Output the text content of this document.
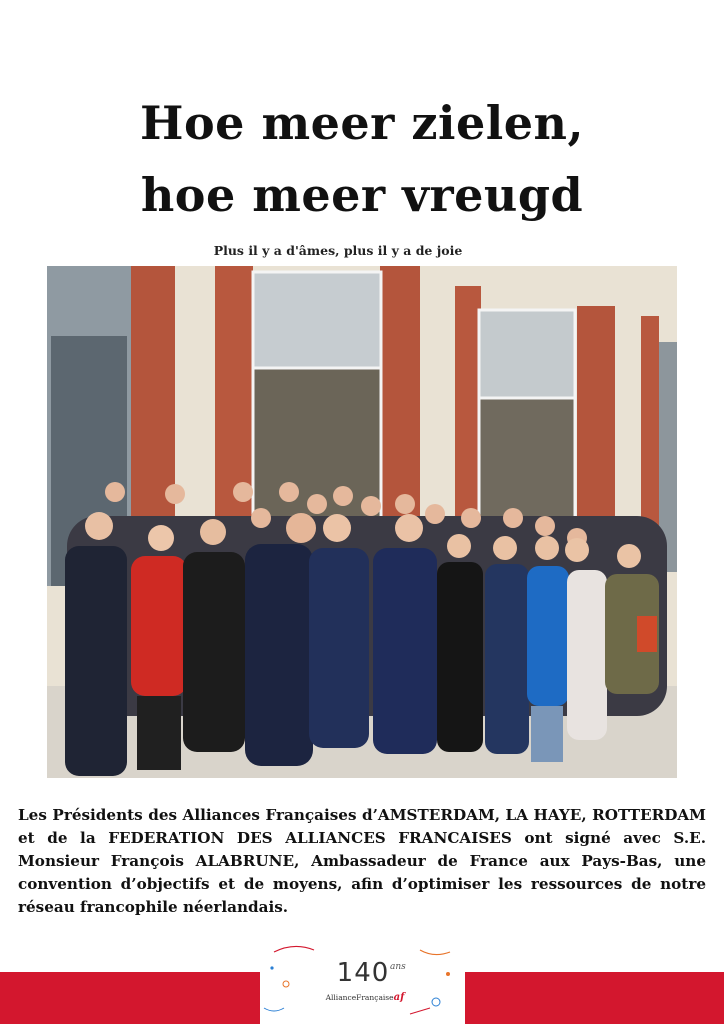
Hoe meer zielen,
hoe meer vreugd
Plus il y a d'âmes, plus il y a de joie
Les Présidents des Alliances Françaises d’AMSTERDAM, LA HAYE, ROTTERDAM et de la FEDERATION DES ALLIANCES FRANCAISES ont signé avec S.E. Monsieur François ALABRUNE, Ambassadeur de France aux Pays-Bas, une convention d’objectifs et de moyens, afin d’optimiser les ressources de notre réseau francophile néerlandais.
140 ans
AllianceFrançaiseaf
